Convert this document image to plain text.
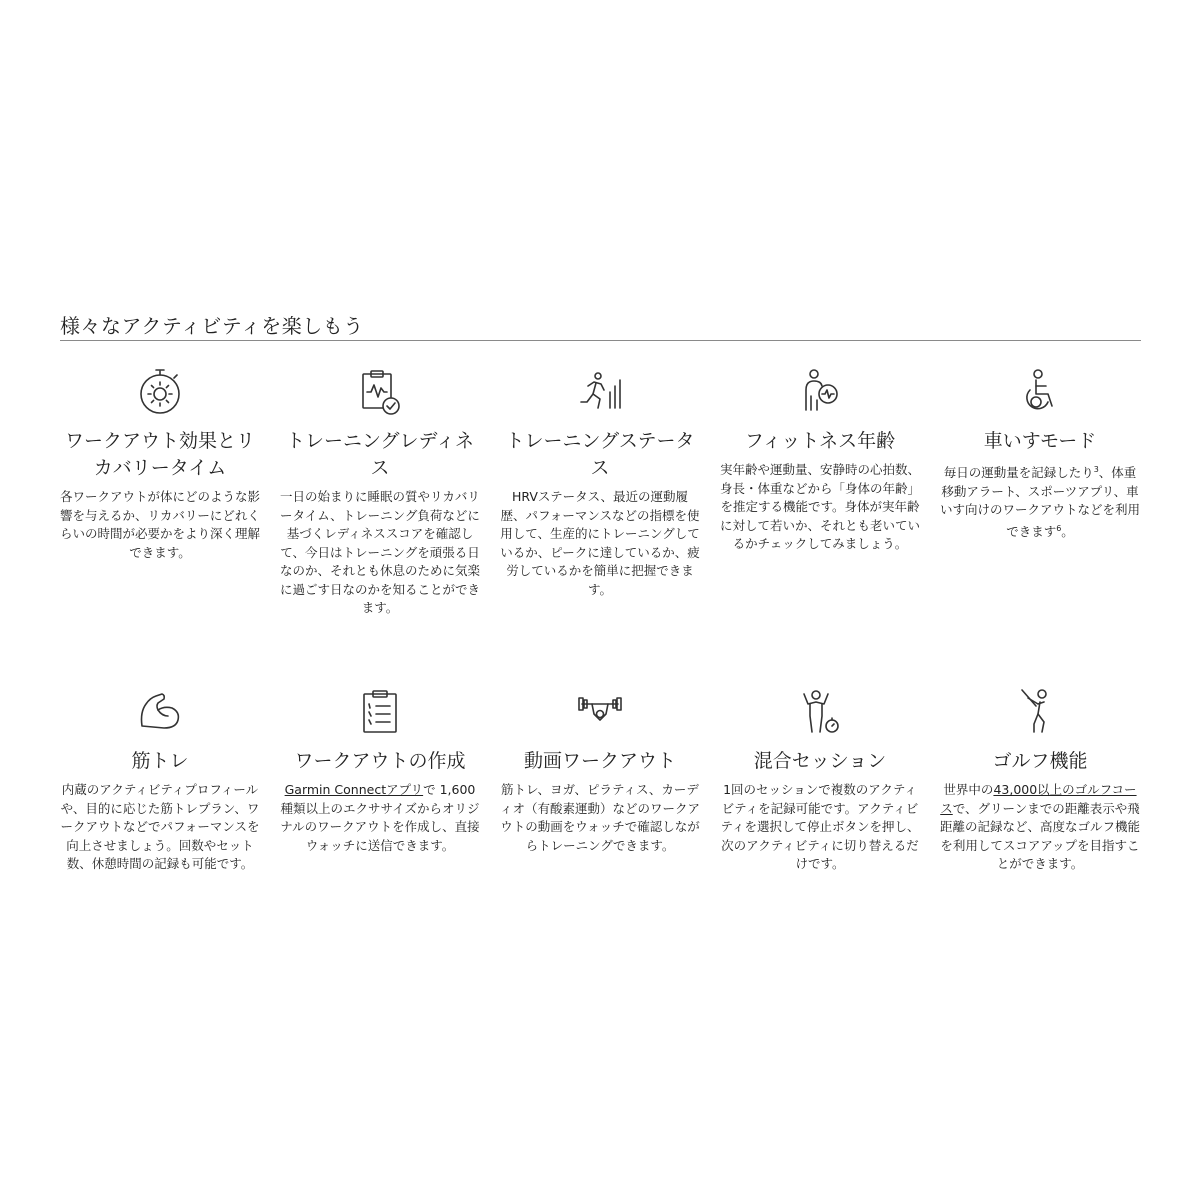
様々なアクティビティを楽しもう
ワークアウト効果とリカバリータイム
各ワークアウトが体にどのような影響を与えるか、リカバリーにどれくらいの時間が必要かをより深く理解できます。
トレーニングレディネス
一日の始まりに睡眠の質やリカバリータイム、トレーニング負荷などに基づくレディネススコアを確認して、今日はトレーニングを頑張る日なのか、それとも休息のために気楽に過ごす日なのかを知ることができます。
トレーニングステータス
HRVステータス、最近の運動履歴、パフォーマンスなどの指標を使用して、生産的にトレーニングしているか、ピークに達しているか、疲労しているかを簡単に把握できます。
フィットネス年齢
実年齢や運動量、安静時の心拍数、身長・体重などから「身体の年齢」を推定する機能です。身体が実年齢に対して若いか、それとも老いているかチェックしてみましょう。
車いすモード
毎日の運動量を記録したり$^3$、体重移動アラート、スポーツアプリ、車いす向けのワークアウトなどを利用できます$^6$。
筋トレ
内蔵のアクティビティプロフィールや、目的に応じた筋トレプラン、ワークアウトなどでパフォーマンスを向上させましょう。回数やセット数、休憩時間の記録も可能です。
ワークアウトの作成
Garmin Connectアプリで 1,600 種類以上のエクササイズからオリジナルのワークアウトを作成し、直接ウォッチに送信できます。
動画ワークアウト
筋トレ、ヨガ、ピラティス、カーディオ（有酸素運動）などのワークアウトの動画をウォッチで確認しながらトレーニングできます。
混合セッション
1回のセッションで複数のアクティビティを記録可能です。アクティビティを選択して停止ボタンを押し、次のアクティビティに切り替えるだけです。
ゴルフ機能
世界中の43,000以上のゴルフコースで、グリーンまでの距離表示や飛距離の記録など、高度なゴルフ機能を利用してスコアアップを目指すことができます。
